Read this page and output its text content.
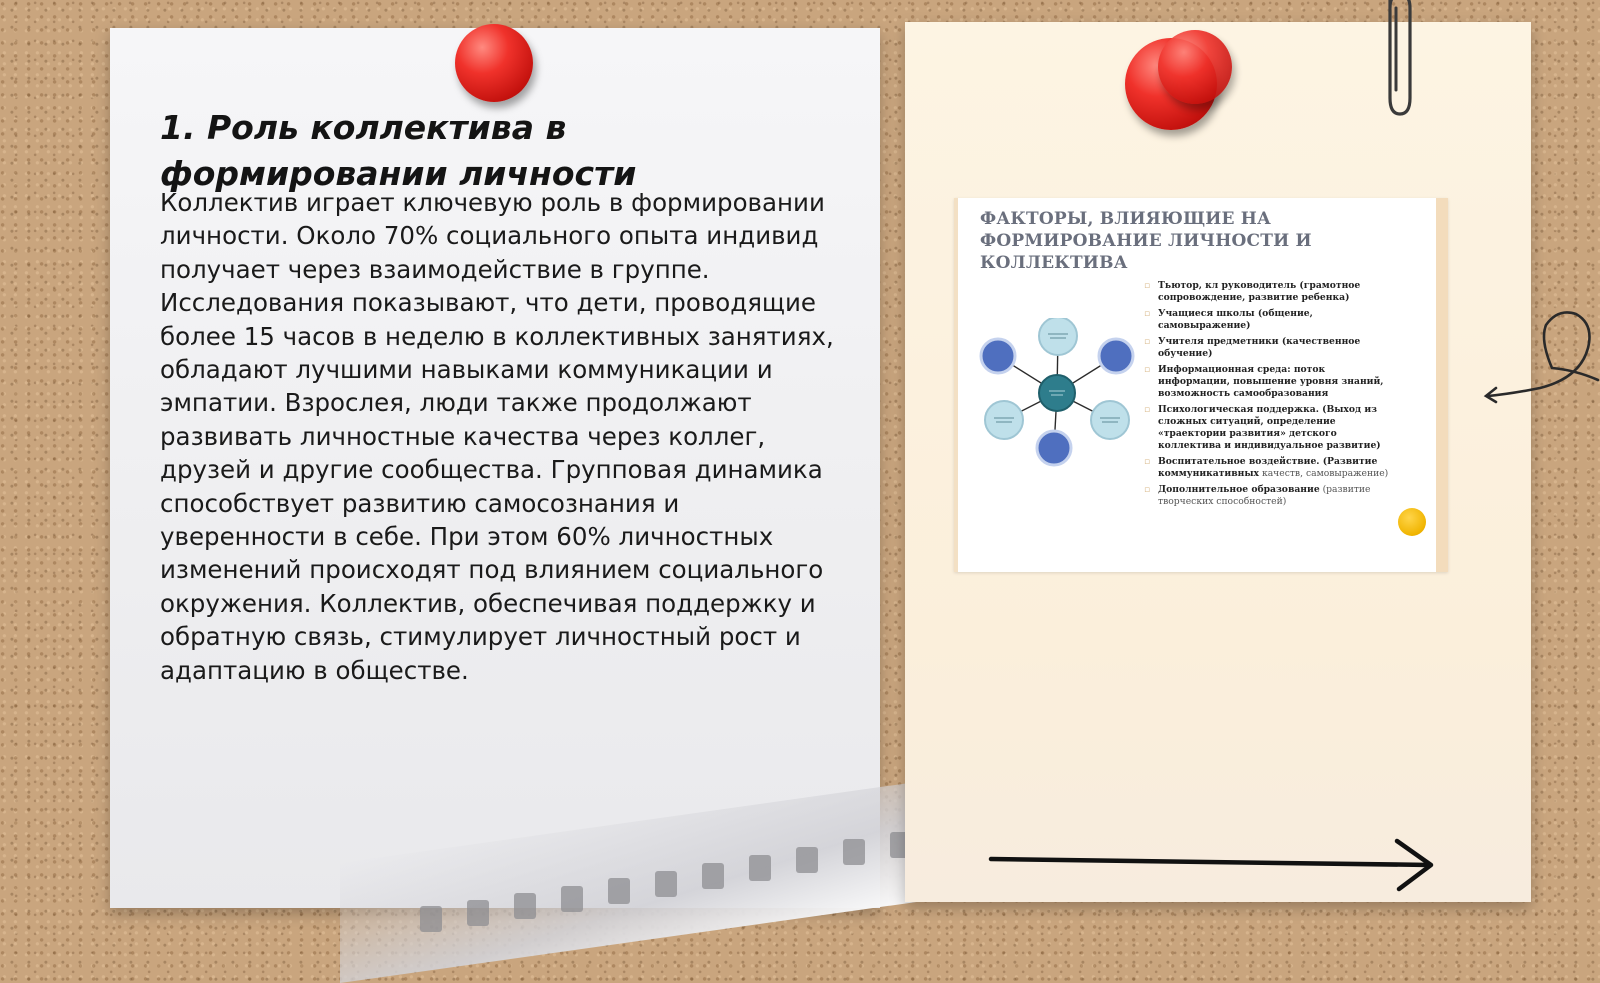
1. Роль коллектива в формировании личности

Коллектив играет ключевую роль в формировании личности. Около 70% социального опыта индивид получает через взаимодействие в группе. Исследования показывают, что дети, проводящие более 15 часов в неделю в коллективных занятиях, обладают лучшими навыками коммуникации и эмпатии. Взрослея, люди также продолжают развивать личностные качества через коллег, друзей и другие сообщества. Групповая динамика способствует развитию самосознания и уверенности в себе. При этом 60% личностных изменений происходят под влиянием социального окружения. Коллектив, обеспечивая поддержку и обратную связь, стимулирует личностный рост и адаптацию в обществе.

ФАКТОРЫ, ВЛИЯЮЩИЕ НА ФОРМИРОВАНИЕ ЛИЧНОСТИ И КОЛЛЕКТИВА
▫ Тьютор, кл руководитель (грамотное сопровождение, развитие ребенка)
▫ Учащиеся школы (общение, самовыражение)
▫ Учителя предметники (качественное обучение)
▫ Информационная среда: поток информации, повышение уровня знаний, возможность самообразования
▫ Психологическая поддержка. (Выход из сложных ситуаций, определение «траектории развития» детского коллектива и индивидуальное развитие)
▫ Воспитательное воздействие. (Развитие коммуникативных качеств, самовыражение)
▫ Дополнительное образование (развитие творческих способностей)
